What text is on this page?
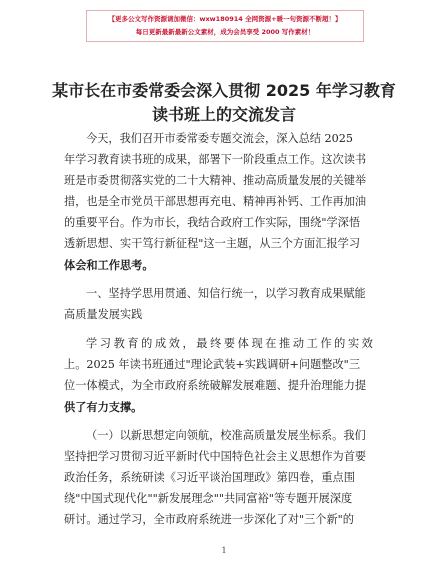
【更多公文写作资源请加微信：wxw180914 全网资源+暖一句资源不断超！】
每日更新最新最新公文素材，成为会员享受 2000 写作素材！
某市长在市委常委会深入贯彻 2025 年学习教育
读书班上的交流发言
今天，我们召开市委常委专题交流会，深入总结 2025
年学习教育读书班的成果，部署下一阶段重点工作。这次读书
班是市委贯彻落实党的二十大精神、推动高质量发展的关键举
措，也是全市党员干部思想再充电、精神再补钙、工作再加油
的重要平台。作为市长，我结合政府工作实际，围绕"学深悟
透新思想、实干笃行新征程"这一主题，从三个方面汇报学习
体会和工作思考。
一、坚持学思用贯通、知信行统一，以学习教育成果赋能
高质量发展实践
学习教育的成效，最终要体现在推动工作的实效
上。2025 年读书班通过"理论武装+实践调研+问题整改"三
位一体模式，为全市政府系统破解发展难题、提升治理能力提
供了有力支撑。
（一）以新思想定向领航，校准高质量发展坐标系。我们
坚持把学习贯彻习近平新时代中国特色社会主义思想作为首要
政治任务，系统研读《习近平谈治国理政》第四卷，重点围
绕"中国式现代化""新发展理念""共同富裕"等专题开展深度
研讨。通过学习，全市政府系统进一步深化了对"三个新"的
1
